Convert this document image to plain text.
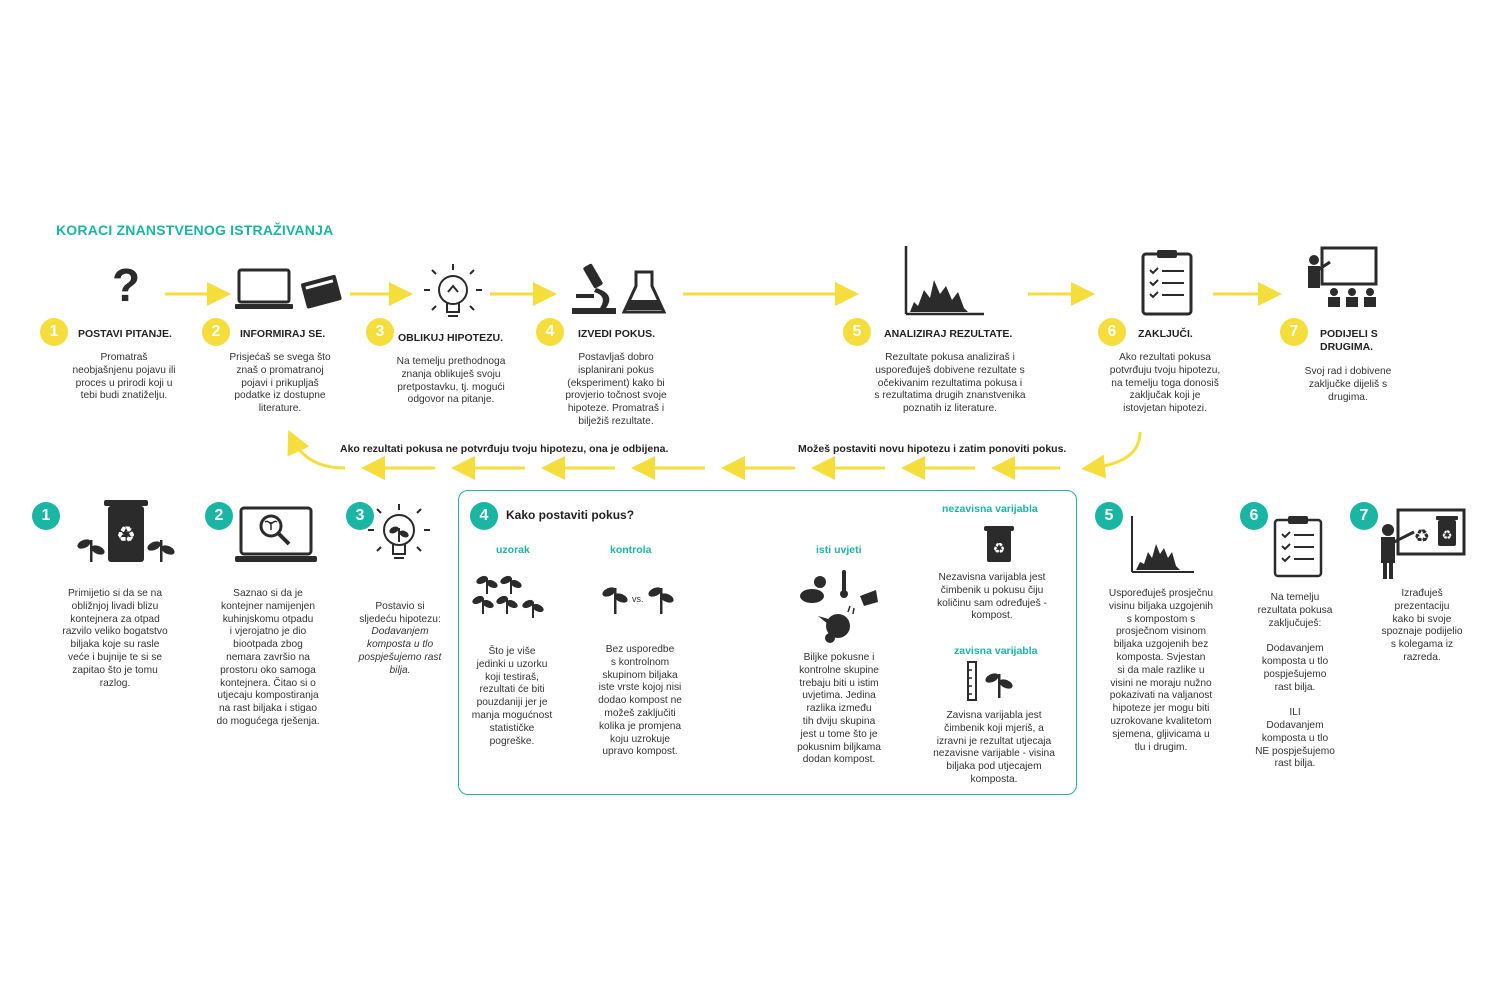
KORACI ZNANSTVENOG ISTRAŽIVANJA
?
1	POSTAVI PITANJE.
Promatraš
neobjašnjenu pojavu ili
proces u prirodi koji u
tebi budi znatiželju.
2	INFORMIRAJ SE.
Prisjećaš se svega što
znaš o promatranoj
pojavi i prikupljaš
podatke iz dostupne
literature.
3	OBLIKUJ HIPOTEZU.
Na temelju prethodnoga
znanja oblikuješ svoju
pretpostavku, tj. mogući
odgovor na pitanje.
4	IZVEDI POKUS.
Postavljaš dobro
isplanirani pokus
(eksperiment) kako bi
provjerio točnost svoje
hipoteze. Promatraš i
bilježiš rezultate.
5	ANALIZIRAJ REZULTATE.
Rezultate pokusa analiziraš i
uspoređuješ dobivene rezultate s
očekivanim rezultatima pokusa i
s rezultatima drugih znanstvenika
poznatih iz literature.
6	ZAKLJUČI.
Ako rezultati pokusa
potvrđuju tvoju hipotezu,
na temelju toga donosiš
zaključak koji je
istovjetan hipotezi.
7	PODIJELI S
DRUGIMA.
Svoj rad i dobivene
zaključke dijeliš s
drugima.
Ako rezultati pokusa ne potvrđuju tvoju hipotezu, ona je odbijena.	Možeš postaviti novu hipotezu i zatim ponoviti pokus.
1
♻
Primijetio si da se na
obližnjoj livadi blizu
kontejnera za otpad
razvilo veliko bogatstvo
biljaka koje su rasle
veće i bujnije te si se
zapitao što je tomu
razlog.
2
Saznao si da je
kontejner namijenjen
kuhinjskomu otpadu
i vjerojatno je dio
biootpada zbog
nemara završio na
prostoru oko samoga
kontejnera. Čitao si o
utjecaju kompostiranja
na rast biljaka i stigao
do mogućega rješenja.
3

Postavio si
sljedeću hipotezu:

Dodavanjem
komposta u tlo
pospješujemo rast
bilja.

4	Kako postaviti pokus?
uzorak
Što je više
jedinki u uzorku
koji testiraš,
rezultati će biti
pouzdaniji jer je
manja mogućnost
statističke
pogreške.
kontrola
vs.
Bez usporedbe
s kontrolnom
skupinom biljaka
iste vrste kojoj nisi
dodao kompost ne
možeš zaključiti
kolika je promjena
koju uzrokuje
upravo kompost.
isti uvjeti
Biljke pokusne i
kontrolne skupine
trebaju biti u istim
uvjetima. Jedina
razlika između
tih dviju skupina
jest u tome što je
pokusnim biljkama
dodan kompost.
nezavisna varijabla
♻
Nezavisna varijabla jest
čimbenik u pokusu čiju
količinu sam određuješ -
kompost.
zavisna varijabla
Zavisna varijabla jest
čimbenik koji mjeriš, a
izravni je rezultat utjecaja
nezavisne varijable - visina
biljaka pod utjecajem
komposta.
5
Uspoređuješ prosječnu
visinu biljaka uzgojenih
s kompostom s
prosječnom visinom
biljaka uzgojenih bez
komposta. Svjestan
si da male razlike u
visini ne moraju nužno
pokazivati na valjanost
hipoteze jer mogu biti
uzrokovane kvalitetom
sjemena, gljivicama u
tlu i drugim.
6
Na temelju
rezultata pokusa
zaključuješ:

Dodavanjem
komposta u tlo
pospješujemo
rast bilja.

ILI
Dodavanjem
komposta u tlo
NE pospješujemo
rast bilja.
7
♻
♻
Izrađuješ
prezentaciju
kako bi svoje
spoznaje podijelio
s kolegama iz
razreda.
